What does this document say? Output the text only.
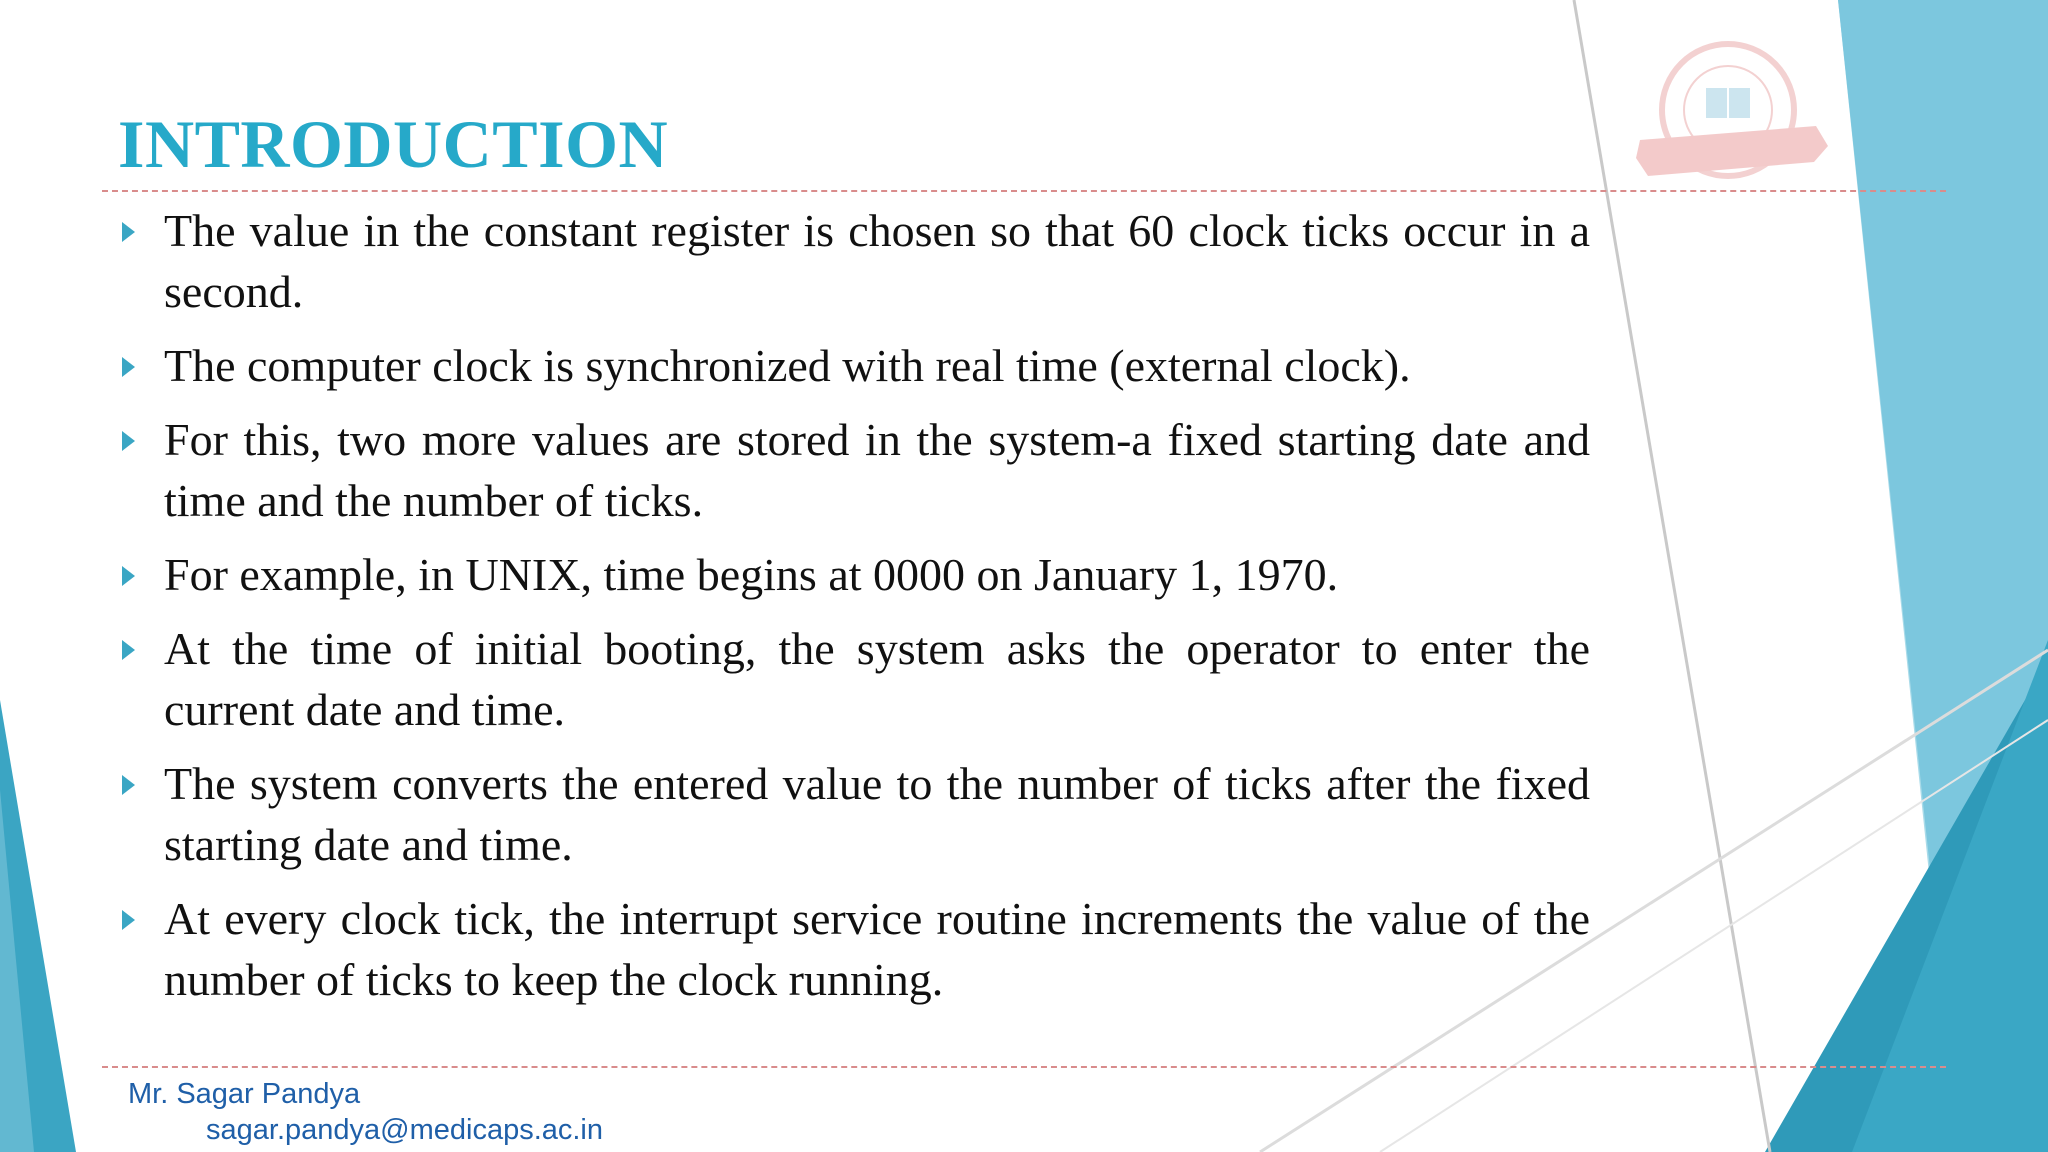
INTRODUCTION
The value in the constant register is chosen so that 60 clock ticks occur in a second.
The computer clock is synchronized with real time (external clock).
For this, two more values are stored in the system-a fixed starting date and time and the number of ticks.
For example, in UNIX, time begins at 0000 on January 1, 1970.
At the time of initial booting, the system asks the operator to enter the current date and time.
The system converts the entered value to the number of ticks after the fixed starting date and time.
At every clock tick, the interrupt service routine increments the value of the number of ticks to keep the clock running.
Mr. Sagar Pandya
sagar.pandya@medicaps.ac.in
